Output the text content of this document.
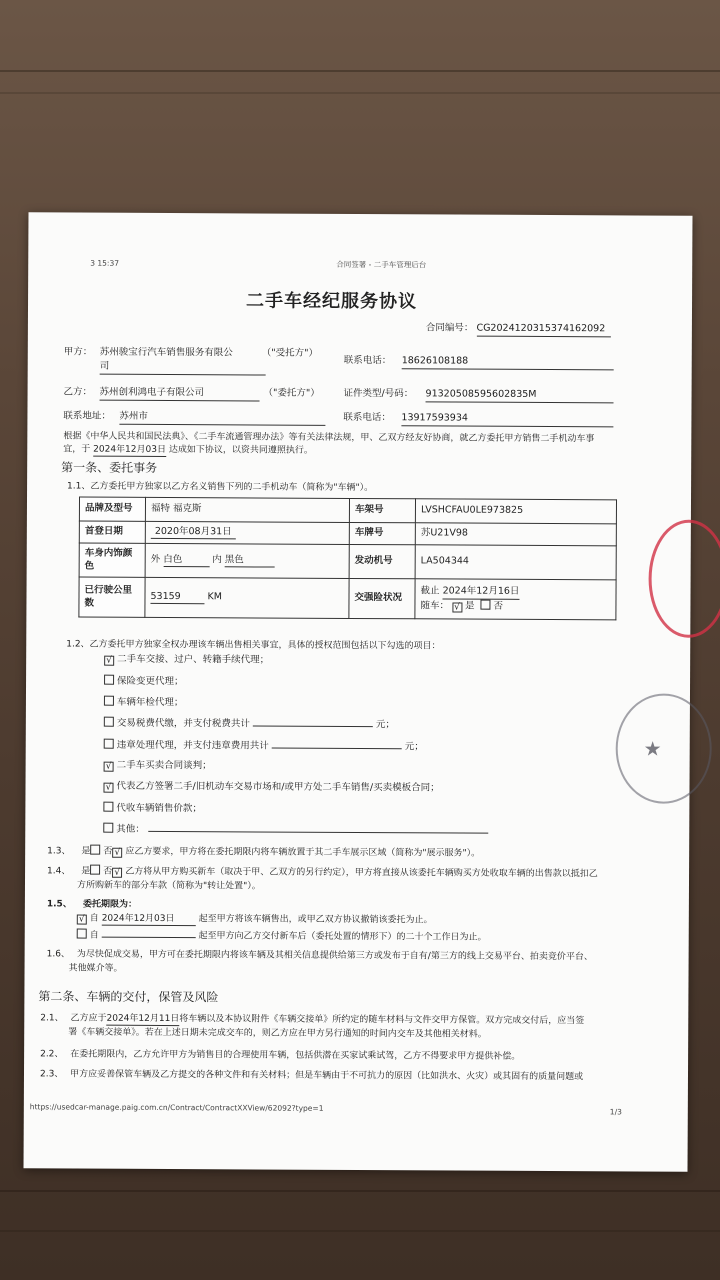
3 15:37	合同签署 - 二手车管理后台
二手车经纪服务协议
合同编号： CG20241203153741620​92
甲方： 苏州骏宝行汽车销售服务有限公
司
（"受托方"）
联系电话： 18626108188
乙方： 苏州创利鸿电子有限公司	（"委托方"） 证件类型/号码： 91320508595602835M
联系地址： 苏州市	联系电话： 13917593934
根据《中华人民共和国民法典》、《二手车流通管理办法》等有关法律法规，甲、乙双方经友好协商，就乙方委托甲方销售二手机动车事
宜，于 2024年12月03日 达成如下协议，以资共同遵照执行。
第一条、委托事务
1.1、乙方委托甲方独家以乙方名义销售下列的二手机动车（简称为"车辆"）。
品牌及型号	福特 福克斯	车架号	LVSHCFAU0LE973825
首登日期	2020年08月31日	车牌号	苏U21V98
车身内饰颜色	外 白色 内 黑色	发动机号	LA504344
已行驶公里数	53159 KM	交强险状况	截止 2024年12月16日
随车： √ 是 否
1.2、乙方委托甲方独家全权办理该车辆出售相关事宜，具体的授权范围包括以下勾选的项目：
√ 二手车交接、过户、转籍手续代理；
保险变更代理；
车辆年检代理；
交易税费代缴，并支付税费共计	元；
违章处理代理，并支付违章费用共计	元；
√ 二手车买卖合同谈判；
√ 代表乙方签署二手/旧机动车交易市场和/或甲方处二手车销售/买卖模板合同；
代收车辆销售价款；
其他：
1.3、 是 否 √ 应乙方要求，甲方将在委托期限内将车辆放置于其二手车展示区域（简称为"展示服务"）。
1.4、 是 否 √ 乙方将从甲方购买新车（取决于甲、乙双方的另行约定），甲方将直接从该委托车辆购买方处收取车辆的出售款以抵扣乙
方所购新车的部分车款（简称为"转让处置"）。
1.5、 委托期限为：
√ 自 2024年12月03日	起至甲方将该车辆售出，或甲乙双方协议撤销该委托为止。
自	起至甲方向乙方交付新车后（委托处置的情形下）的二十个工作日为止。
1.6、 为尽快促成交易，甲方可在委托期限内将该车辆及其相关信息提供给第三方或发布于自有/第三方的线上交易平台、拍卖竞价平台、
其他媒介等。
第二条、车辆的交付，保管及风险
2.1、 乙方应于2024年12月11日将车辆以及本协议附件《车辆交接单》所约定的随车材料与文件交甲方保管。双方完成交付后，应当签
署《车辆交接单》。若在上述日期未完成交车的，则乙方应在甲方另行通知的时间内交车及其他相关材料。
2.2、 在委托期限内，乙方允许甲方为销售目的合理使用车辆，包括供潜在买家试乘试驾，乙方不得要求甲方提供补偿。
2.3、 甲方应妥善保管车辆及乙方提交的各种文件和有关材料；但是车辆由于不可抗力的原因（比如洪水、火灾）或其固有的质量问题或
https://usedcar-manage.paig.com.cn/Contract/ContractXXView/62092?type=1	1/3
★
